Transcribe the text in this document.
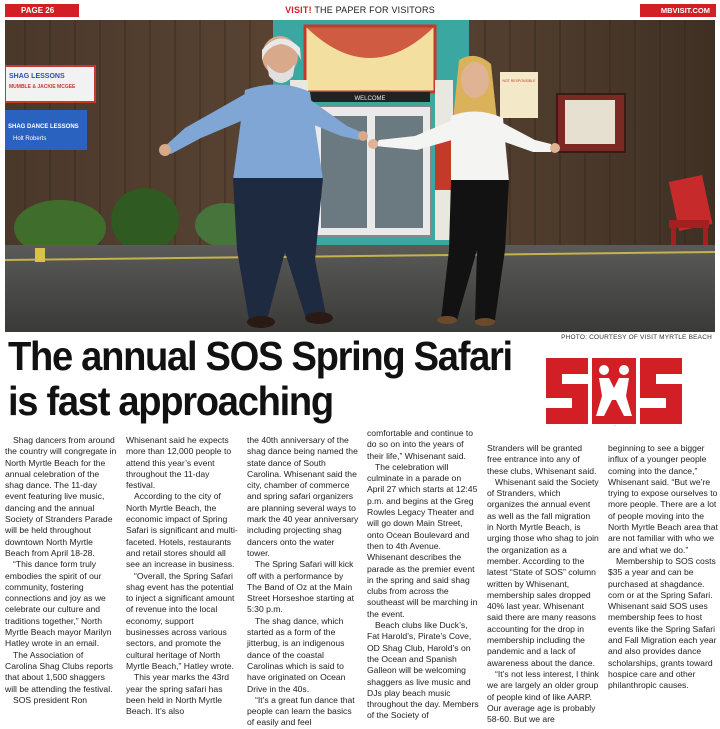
PAGE 26	VISIT! THE PAPER FOR VISITORS	MBVISIT.COM
WELCOME
SHAG LESSONS
MUMBLE & JACKIE MCGEE
SHAG DANCE LESSONS
Holt Roberts
NOT RESPONSIBLE
PHOTO: COURTESY OF VISIT MYRTLE BEACH
The annual SOS Spring Safari
is fast approaching
SOS

Shag dancers from around the country will congregate in North Myrtle Beach for the annual celebration of the shag dance. The 11-day event featuring live music, dancing and the annual Society of Stranders Parade will be held throughout downtown North Myrtle Beach from April 18-28.

“This dance form truly embodies the spirit of our community, fostering connections and joy as we celebrate our culture and traditions together,” North Myrtle Beach mayor Marilyn Hatley wrote in an email.

The Association of Carolina Shag Clubs reports that about 1,500 shaggers will be attending the festival.

SOS president Ron

Whisenant said he expects more than 12,000 people to attend this year’s event throughout the 11-day festival.

According to the city of North Myrtle Beach, the economic impact of Spring Safari is significant and multi-faceted. Hotels, restaurants and retail stores should all see an increase in business.

“Overall, the Spring Safari shag event has the potential to inject a significant amount of revenue into the local economy, support businesses across various sectors, and promote the cultural heritage of North Myrtle Beach,” Hatley wrote.

This year marks the 43rd year the spring safari has been held in North Myrtle Beach. It’s also

the 40th anniversary of the shag dance being named the state dance of South Carolina. Whisenant said the city, chamber of commerce and spring safari organizers are planning several ways to mark the 40 year anniversary including projecting shag dancers onto the water tower.

The Spring Safari will kick off with a performance by The Band of Oz at the Main Street Horseshoe starting at 5:30 p.m.

The shag dance, which started as a form of the jitterbug, is an indigenous dance of the coastal Carolinas which is said to have originated on Ocean Drive in the 40s.

“It’s a great fun dance that people can learn the basics of easily and feel

comfortable and continue to do so on into the years of their life,” Whisenant said.

The celebration will culminate in a parade on April 27 which starts at 12:45 p.m. and begins at the Greg Rowles Legacy Theater and will go down Main Street, onto Ocean Boulevard and then to 4th Avenue. Whisenant describes the parade as the premier event in the spring and said shag clubs from across the southeast will be marching in the event.

Beach clubs like Duck’s, Fat Harold’s, Pirate’s Cove, OD Shag Club, Harold’s on the Ocean and Spanish Galleon will be welcoming shaggers as live music and DJs play beach music throughout the day. Members of the Society of

Stranders will be granted free entrance into any of these clubs, Whisenant said.

Whisenant said the Society of Stranders, which organizes the annual event as well as the fall migration in North Myrtle Beach, is urging those who shag to join the organization as a member. According to the latest “State of SOS” column written by Whisenant, membership sales dropped 40% last year. Whisenant said there are many reasons accounting for the drop in membership including the pandemic and a lack of awareness about the dance.

“It’s not less interest, I think we are largely an older group of people kind of like AARP. Our average age is probably 58-60. But we are

beginning to see a bigger influx of a younger people coming into the dance,” Whisenant said. “But we’re trying to expose ourselves to more people. There are a lot of people moving into the North Myrtle Beach area that are not familiar with who we are and what we do.”

Membership to SOS costs $35 a year and can be purchased at shagdance. com or at the Spring Safari. Whisenant said SOS uses membership fees to host events like the Spring Safari and Fall Migration each year and also provides dance scholarships, grants toward hospice care and other philanthropic causes.
